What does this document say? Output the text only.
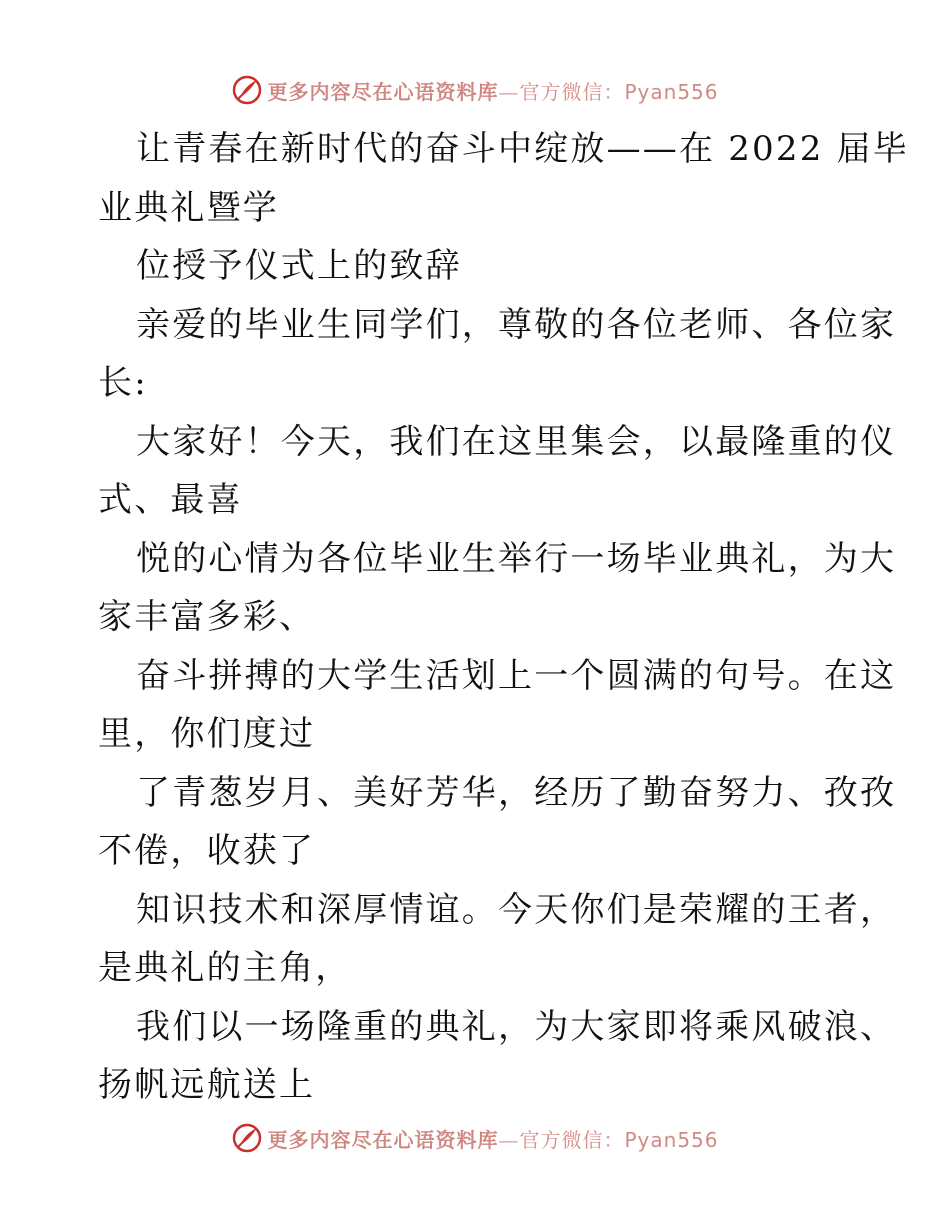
更多内容尽在心语资料库—官方微信：Pyan556
让青春在新时代的奋斗中绽放——在 2022 届毕
业典礼暨学
位授予仪式上的致辞
亲爱的毕业生同学们，尊敬的各位老师、各位家
长:
大家好！今天，我们在这里集会，以最隆重的仪
式、最喜
悦的心情为各位毕业生举行一场毕业典礼，为大
家丰富多彩、
奋斗拼搏的大学生活划上一个圆满的句号。在这
里，你们度过
了青葱岁月、美好芳华，经历了勤奋努力、孜孜
不倦，收获了
知识技术和深厚情谊。今天你们是荣耀的王者，
是典礼的主角，
我们以一场隆重的典礼，为大家即将乘风破浪、
扬帆远航送上
更多内容尽在心语资料库—官方微信：Pyan556
